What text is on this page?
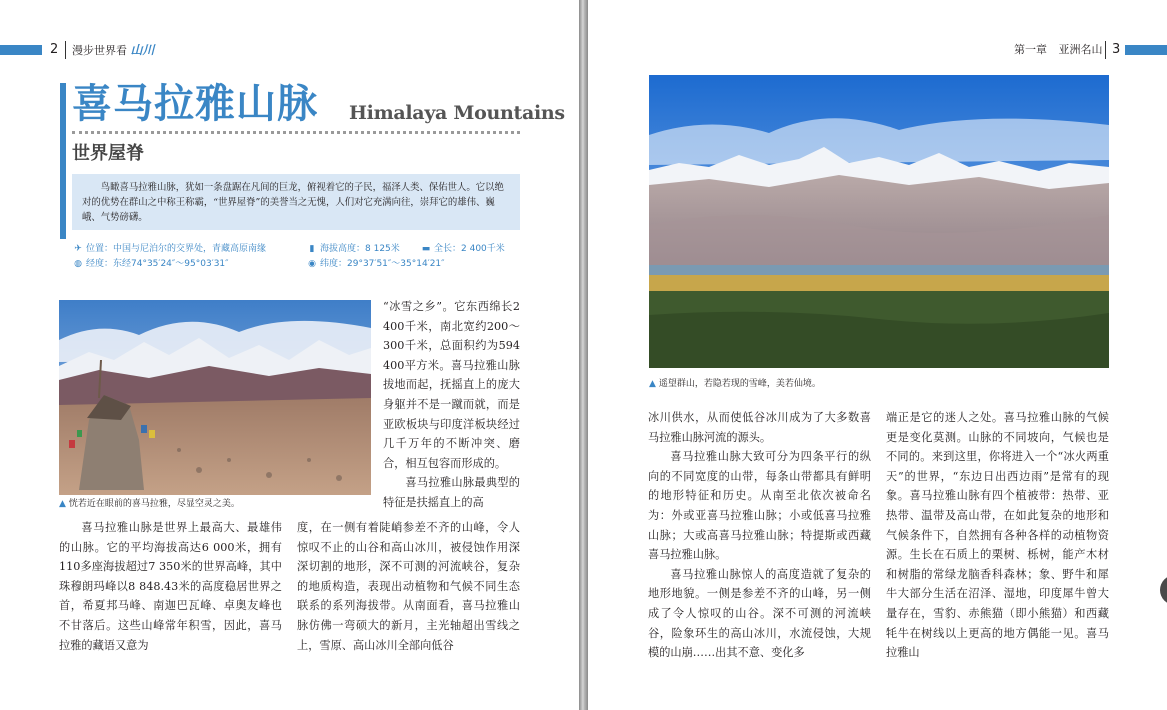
2 漫步世界看 山川
喜马拉雅山脉 Himalaya Mountains
世界屋脊
鸟瞰喜马拉雅山脉，犹如一条盘踞在凡间的巨龙，俯视着它的子民，福泽人类、保佑世人。它以绝对的优势在群山之中称王称霸，“世界屋脊”的美誉当之无愧，人们对它充满向往，崇拜它的雄伟、巍峨、气势磅礴。
✈ 位置：中国与尼泊尔的交界处，青藏高原南缘	▮ 海拔高度：8 125米 ▬ 全长：2 400千米
◍ 经度：东经74°35′24″～95°03′31″	◉ 纬度：29°37′51″～35°14′21″
▲ 恍若近在眼前的喜马拉雅，尽显空灵之美。

“冰雪之乡”。它东西绵长2 400千米，南北宽约200～300千米，总面积约为594 400平方米。喜马拉雅山脉拔地而起，抚摇直上的庞大身躯并不是一蹴而就，而是亚欧板块与印度洋板块经过几千万年的不断冲突、磨合，相互包容而形成的。

喜马拉雅山脉最典型的特征是扶摇直上的高

喜马拉雅山脉是世界上最高大、最雄伟的山脉。它的平均海拔高达6 000米，拥有110多座海拔超过7 350米的世界高峰，其中珠穆朗玛峰以8 848.43米的高度稳居世界之首，希夏邦马峰、南迦巴瓦峰、卓奥友峰也不甘落后。这些山峰常年积雪，因此，喜马拉雅的藏语又意为

度，在一侧有着陡峭参差不齐的山峰，令人惊叹不止的山谷和高山冰川，被侵蚀作用深深切割的地形，深不可测的河流峡谷，复杂的地质构造，表现出动植物和气候不同生态联系的系列海拔带。从南面看，喜马拉雅山脉仿佛一弯硕大的新月，主光轴超出雪线之上，雪原、高山冰川全部向低谷

第一章 亚洲名山 3
▲ 遥望群山，若隐若现的雪峰，美若仙境。

冰川供水，从而使低谷冰川成为了大多数喜马拉雅山脉河流的源头。

喜马拉雅山脉大致可分为四条平行的纵向的不同宽度的山带，每条山带都具有鲜明的地形特征和历史。从南至北依次被命名为：外或亚喜马拉雅山脉；小或低喜马拉雅山脉；大或高喜马拉雅山脉；特提斯或西藏喜马拉雅山脉。

喜马拉雅山脉惊人的高度造就了复杂的地形地貌。一侧是参差不齐的山峰，另一侧成了令人惊叹的山谷。深不可测的河流峡谷，险象环生的高山冰川，水流侵蚀，大规模的山崩……出其不意、变化多

端正是它的迷人之处。喜马拉雅山脉的气候更是变化莫测。山脉的不同坡向，气候也是不同的。来到这里，你将进入一个“冰火两重天”的世界，“东边日出西边雨”是常有的现象。喜马拉雅山脉有四个植被带：热带、亚热带、温带及高山带，在如此复杂的地形和气候条件下，自然拥有各种各样的动植物资源。生长在石质上的栗树、栎树，能产木材和树脂的常绿龙脑香科森林；象、野牛和犀牛大部分生活在沼泽、湿地，印度犀牛曾大量存在，雪豹、赤熊猫（即小熊猫）和西藏牦牛在树线以上更高的地方偶能一见。喜马拉雅山
